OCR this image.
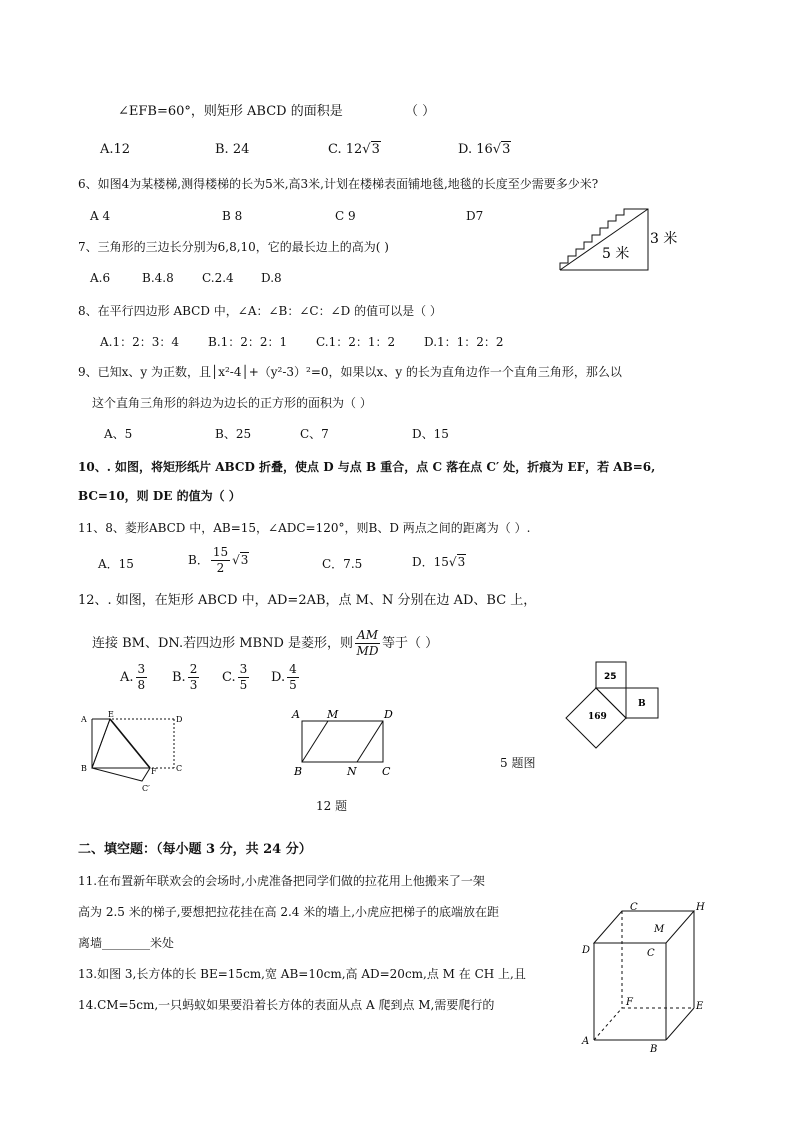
∠EFB=60°，则矩形 ABCD 的面积是	（ ）
A.12	B. 24	C. 12√3	D. 16√3
6、如图4为某楼梯,测得楼梯的长为5米,高3米,计划在楼梯表面铺地毯,地毯的长度至少需要多少米?
A 4	B 8	C 9	D7
5 米
3 米
7、三角形的三边长分别为6,8,10，它的最长边上的高为( )
A.6	B.4.8 C.2.4 D.8
8、在平行四边形 ABCD 中，∠A：∠B：∠C：∠D 的值可以是（ ）
A.1：2：3：4 B.1：2：2：1 C.1：2：1：2 D.1：1：2：2
9、已知x、y 为正数，且│x²-4│+（y²-3）²=0，如果以x、y 的长为直角边作一个直角三角形，那么以
这个直角三角形的斜边为边长的正方形的面积为（ ）
A、5	B、25	C、7	D、15
10、. 如图，将矩形纸片 ABCD 折叠，使点 D 与点 B 重合，点 C 落在点 C′ 处，折痕为 EF，若 AB=6,
BC=10，则 DE 的值为（ ）
11、8、菱形ABCD 中，AB=15，∠ADC=120°，则B、D 两点之间的距离为（ ）.
A．15	B． $\frac{15}{2} √3$	C．7.5	D．15√3
12、. 如图，在矩形 ABCD 中，AD=2AB，点 M、N 分别在边 AD、BC 上，
连接 BM、DN.若四边形 MBND 是菱形，则 $\frac{AM}{MD}$ 等于（ ）
A. $\frac{3}{8} B$. $\frac{2}{3} C$. $\frac{3}{5} D$. $\frac{4}{5}$
A
E
D
B	F C
C′
A M	D
B	N C
12 题
25
B
169
5 题图
二、填空题：（每小题 3 分，共 24 分）
11.在布置新年联欢会的会场时,小虎准备把同学们做的拉花用上他搬来了一架
高为 2.5 米的梯子,要想把拉花挂在高 2.4 米的墙上,小虎应把梯子的底端放在距
离墙________米处
13.如图 3,长方体的长 BE=15cm,宽 AB=10cm,高 AD=20cm,点 M 在 CH 上,且
14.CM=5cm,一只蚂蚁如果要沿着长方体的表面从点 A 爬到点 M,需要爬行的
C	H
M
D	C
F	E
A
B
